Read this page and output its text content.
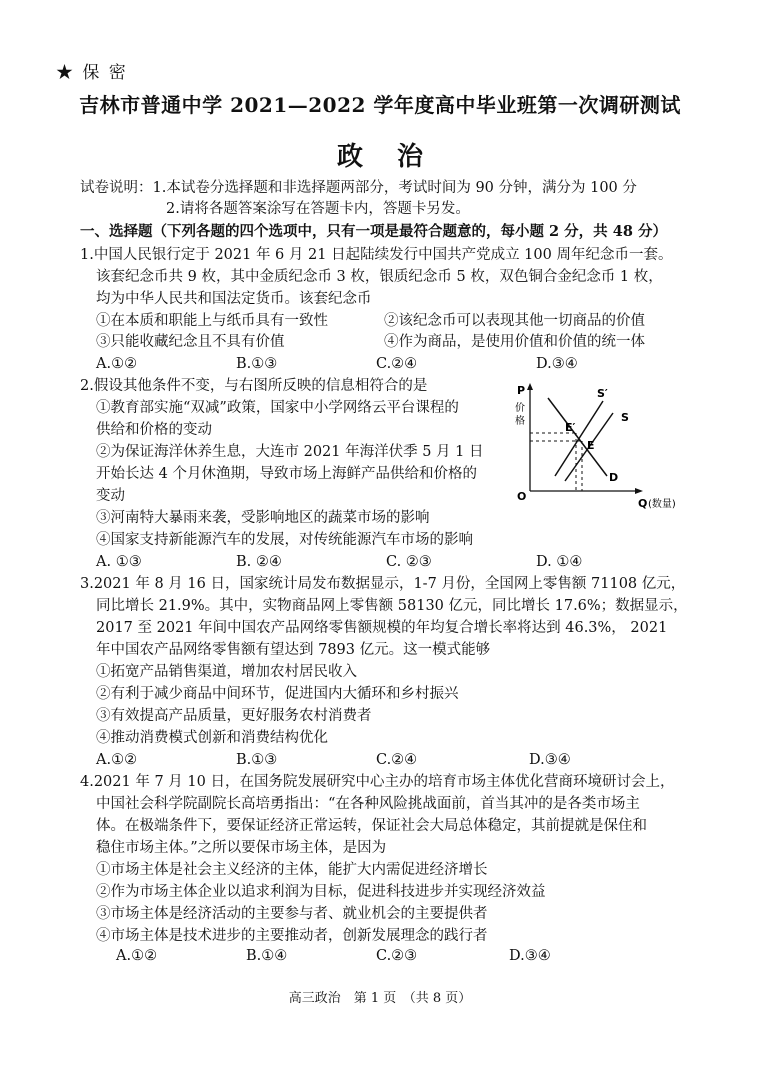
★ 保 密
吉林市普通中学 2021—2022 学年度高中毕业班第一次调研测试
政治
试卷说明：1.本试卷分选择题和非选择题两部分，考试时间为 90 分钟，满分为 100 分
2.请将各题答案涂写在答题卡内，答题卡另发。
一、选择题（下列各题的四个选项中，只有一项是最符合题意的，每小题 2 分，共 48 分）
1.中国人民银行定于 2021 年 6 月 21 日起陆续发行中国共产党成立 100 周年纪念币一套。
该套纪念币共 9 枚，其中金质纪念币 3 枚，银质纪念币 5 枚，双色铜合金纪念币 1 枚，
均为中华人民共和国法定货币。该套纪念币
①在本质和职能上与纸币具有一致性	②该纪念币可以表现其他一切商品的价值
③只能收藏纪念且不具有价值	④作为商品，是使用价值和价值的统一体
A.①②	B.①③	C.②④	D.③④
2.假设其他条件不变，与右图所反映的信息相符合的是
①教育部实施“双减”政策，国家中小学网络云平台课程的
供给和价格的变动
②为保证海洋休养生息，大连市 2021 年海洋伏季 5 月 1 日
开始长达 4 个月休渔期，导致市场上海鲜产品供给和价格的
变动
③河南特大暴雨来袭，受影响地区的蔬菜市场的影响
④国家支持新能源汽车的发展，对传统能源汽车市场的影响
A. ①③	B. ②④	C. ②③	D. ①④
P
价
格
Q (数量)
O
S′
S
E′
E
D
3.2021 年 8 月 16 日，国家统计局发布数据显示，1-7 月份，全国网上零售额 71108 亿元，
同比增长 21.9%。其中，实物商品网上零售额 58130 亿元，同比增长 17.6%；数据显示，
2017 至 2021 年间中国农产品网络零售额规模的年均复合增长率将达到 46.3%， 2021
年中国农产品网络零售额有望达到 7893 亿元。这一模式能够
①拓宽产品销售渠道，增加农村居民收入
②有利于减少商品中间环节，促进国内大循环和乡村振兴
③有效提高产品质量，更好服务农村消费者
④推动消费模式创新和消费结构优化
A.①②	B.①③	C.②④	D.③④
4.2021 年 7 月 10 日，在国务院发展研究中心主办的培育市场主体优化营商环境研讨会上，
中国社会科学院副院长高培勇指出：“在各种风险挑战面前，首当其冲的是各类市场主
体。在极端条件下，要保证经济正常运转，保证社会大局总体稳定，其前提就是保住和
稳住市场主体。”之所以要保市场主体，是因为
①市场主体是社会主义经济的主体，能扩大内需促进经济增长
②作为市场主体企业以追求利润为目标，促进科技进步并实现经济效益
③市场主体是经济活动的主要参与者、就业机会的主要提供者
④市场主体是技术进步的主要推动者，创新发展理念的践行者
A.①②	B.①④	C.②③	D.③④
高三政治　第 1 页　（共 8 页）
